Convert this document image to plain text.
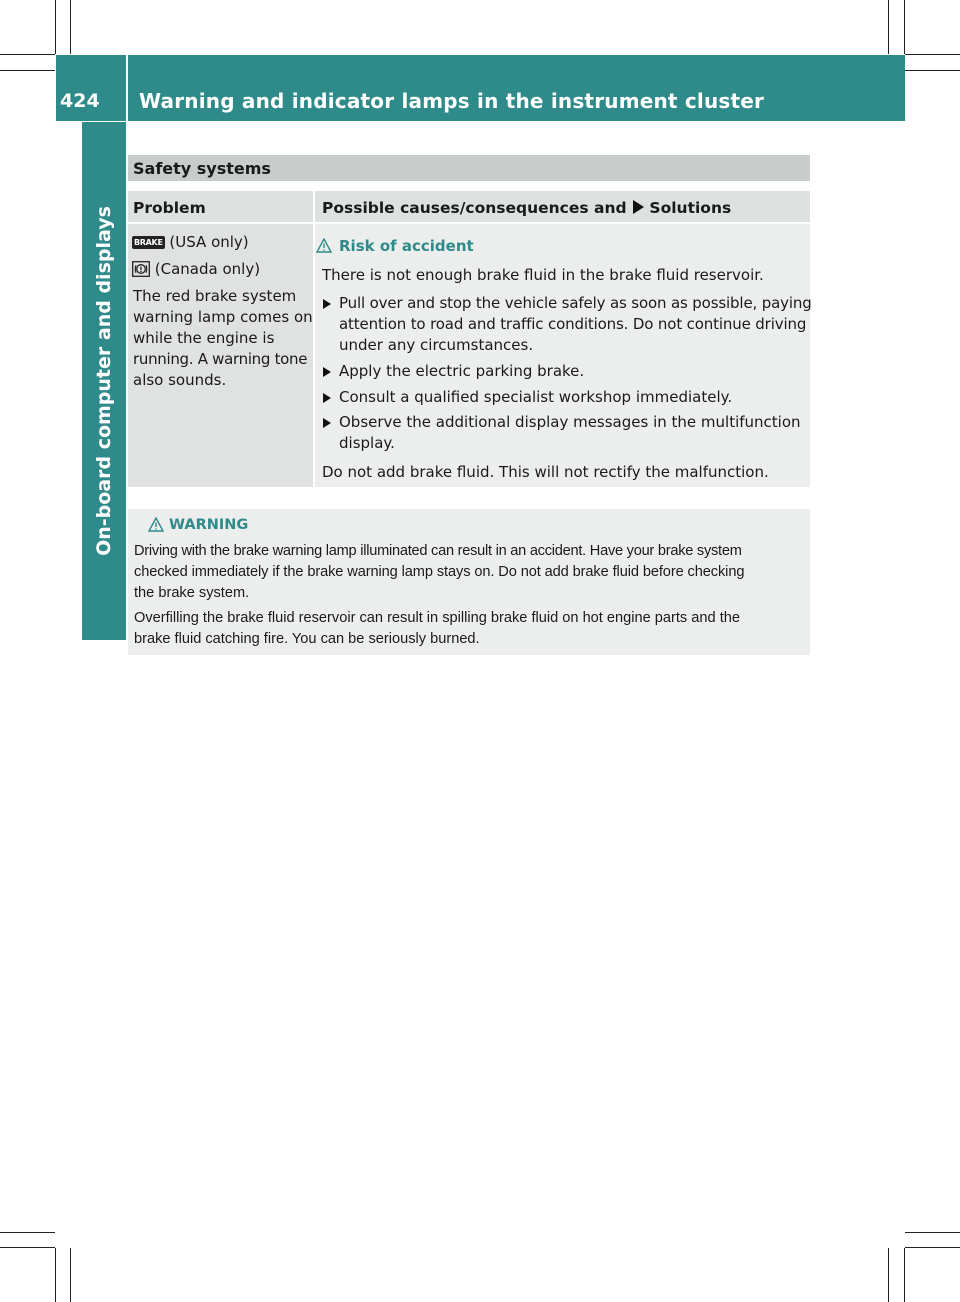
424	Warning and indicator lamps in the instrument cluster
On-board computer and displays
Safety systems
Problem	Possible causes/consequences and Solutions
BRAKE (USA only)
(Canada only)
The red brake system
warning lamp comes on
while the engine is
running. A warning tone
also sounds.
Risk of accident
There is not enough brake fluid in the brake fluid reservoir.
Pull over and stop the vehicle safely as soon as possible, paying
attention to road and traffic conditions. Do not continue driving
under any circumstances.
Apply the electric parking brake.
Consult a qualified specialist workshop immediately.
Observe the additional display messages in the multifunction
display.
Do not add brake fluid. This will not rectify the malfunction.
WARNING
Driving with the brake warning lamp illuminated can result in an accident. Have your brake system
checked immediately if the brake warning lamp stays on. Do not add brake fluid before checking
the brake system.
Overfilling the brake fluid reservoir can result in spilling brake fluid on hot engine parts and the
brake fluid catching fire. You can be seriously burned.
